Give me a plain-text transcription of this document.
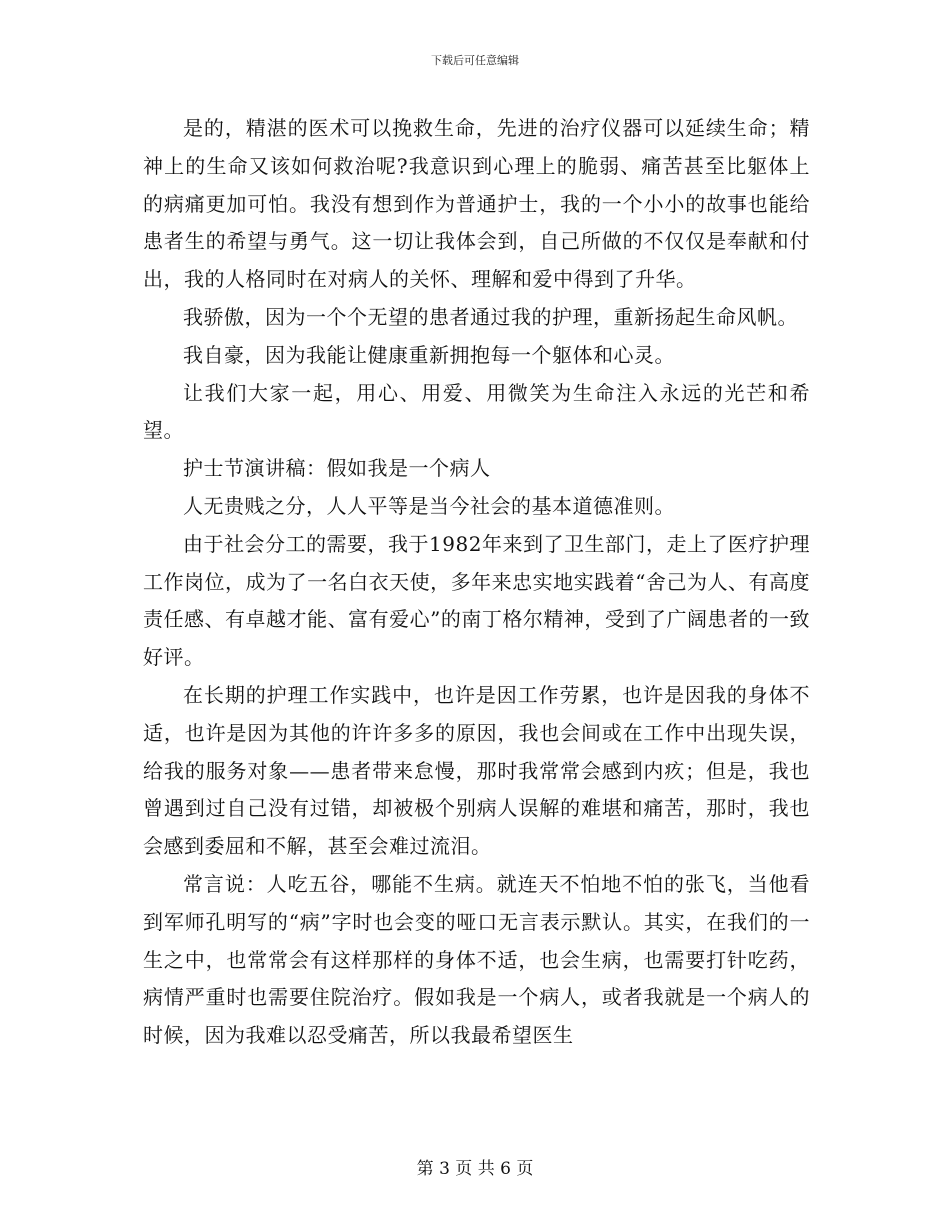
下载后可任意编辑

是的，精湛的医术可以挽救生命，先进的治疗仪器可以延续生命；精神上的生命又该如何救治呢?我意识到心理上的脆弱、痛苦甚至比躯体上的病痛更加可怕。我没有想到作为普通护士，我的一个小小的故事也能给患者生的希望与勇气。这一切让我体会到，自己所做的不仅仅是奉献和付出，我的人格同时在对病人的关怀、理解和爱中得到了升华。

我骄傲，因为一个个无望的患者通过我的护理，重新扬起生命风帆。

我自豪，因为我能让健康重新拥抱每一个躯体和心灵。

让我们大家一起，用心、用爱、用微笑为生命注入永远的光芒和希望。

护士节演讲稿：假如我是一个病人

人无贵贱之分，人人平等是当今社会的基本道德准则。

由于社会分工的需要，我于1982年来到了卫生部门，走上了医疗护理工作岗位，成为了一名白衣天使，多年来忠实地实践着“舍己为人、有高度责任感、有卓越才能、富有爱心”的南丁格尔精神，受到了广阔患者的一致好评。

在长期的护理工作实践中，也许是因工作劳累，也许是因我的身体不适，也许是因为其他的许许多多的原因，我也会间或在工作中出现失误，给我的服务对象——患者带来怠慢，那时我常常会感到内疚；但是，我也曾遇到过自己没有过错，却被极个别病人误解的难堪和痛苦，那时，我也会感到委屈和不解，甚至会难过流泪。

常言说：人吃五谷，哪能不生病。就连天不怕地不怕的张飞，当他看到军师孔明写的“病”字时也会变的哑口无言表示默认。其实，在我们的一生之中，也常常会有这样那样的身体不适，也会生病，也需要打针吃药，病情严重时也需要住院治疗。假如我是一个病人，或者我就是一个病人的时候，因为我难以忍受痛苦，所以我最希望医生

第 3 页 共 6 页
